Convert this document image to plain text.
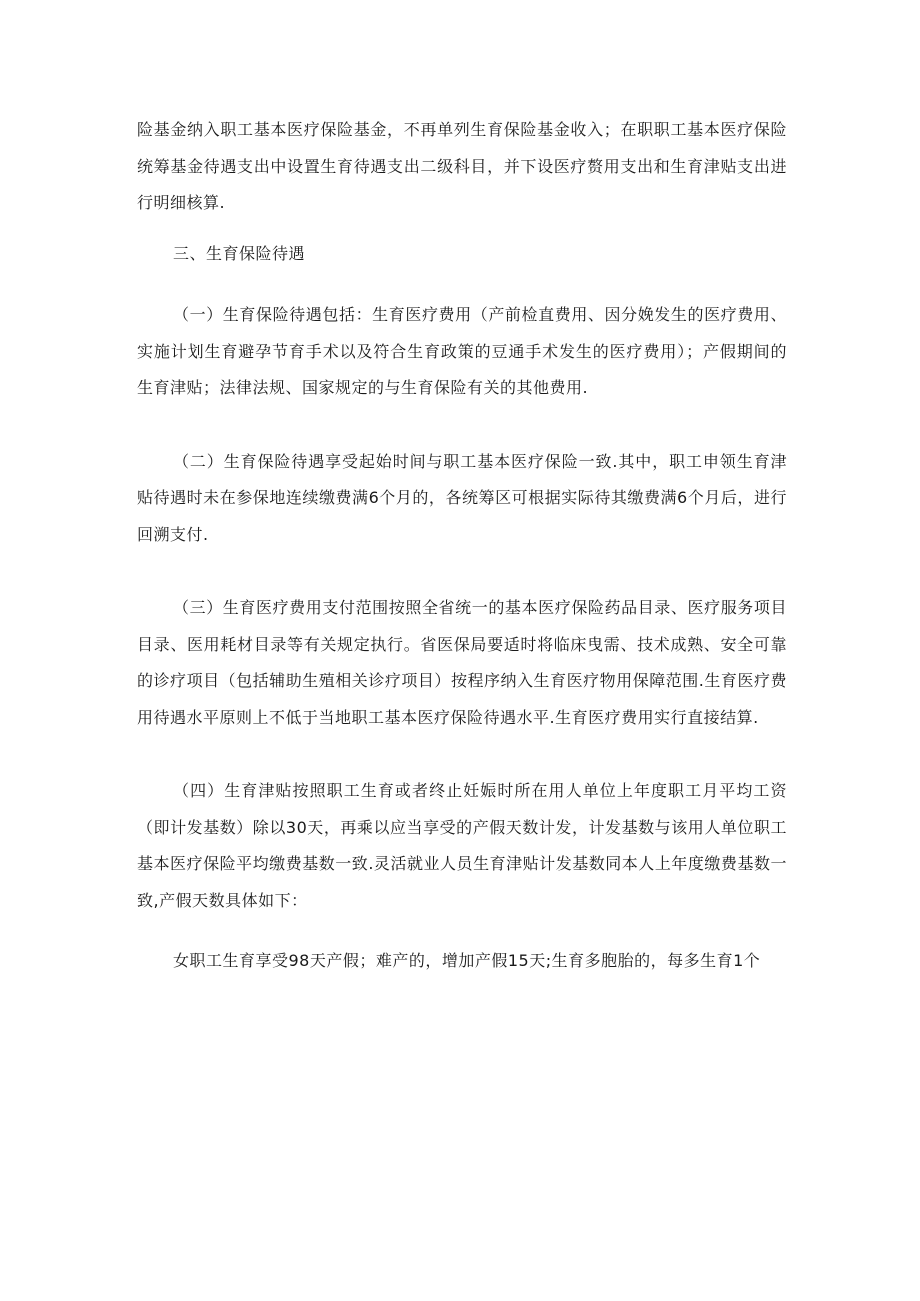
险基金纳入职工基本医疗保险基金，不再单列生育保险基金收入；在职职工基本医疗保险统筹基金待遇支出中设置生育待遇支出二级科目，并下设医疗赘用支出和生育津贴支出进行明细核算.

三、生育保险待遇

（一）生育保险待遇包括：生育医疗费用（产前检直费用、因分娩发生的医疗费用、实施计划生育避孕节育手术以及符合生育政策的豆通手术发生的医疗费用）；产假期间的生育津贴；法律法规、国家规定的与生育保险有关的其他费用.

（二）生育保险待遇享受起始时间与职工基本医疗保险一致.其中，职工申领生育津贴待遇时未在参保地连续缴费满6个月的，各统筹区可根据实际待其缴费满6个月后，进行回溯支付.

（三）生育医疗费用支付范围按照全省统一的基本医疗保险药品目录、医疗服务项目目录、医用耗材目录等有关规定执行。省医保局要适时将临床曳需、技术成熟、安全可靠的诊疗项目（包括辅助生殖相关诊疗项目）按程序纳入生育医疗物用保障范围.生育医疗费用待遇水平原则上不低于当地职工基本医疗保险待遇水平.生育医疗费用实行直接结算.

（四）生育津贴按照职工生育或者终止妊娠时所在用人单位上年度职工月平均工资（即计发基数）除以30天，再乘以应当享受的产假天数计发，计发基数与该用人单位职工基本医疗保险平均缴费基数一致.灵活就业人员生育津贴计发基数同本人上年度缴费基数一致,产假天数具体如下：

女职工生育享受98天产假；难产的，增加产假15天;生育多胞胎的，每多生育1个
